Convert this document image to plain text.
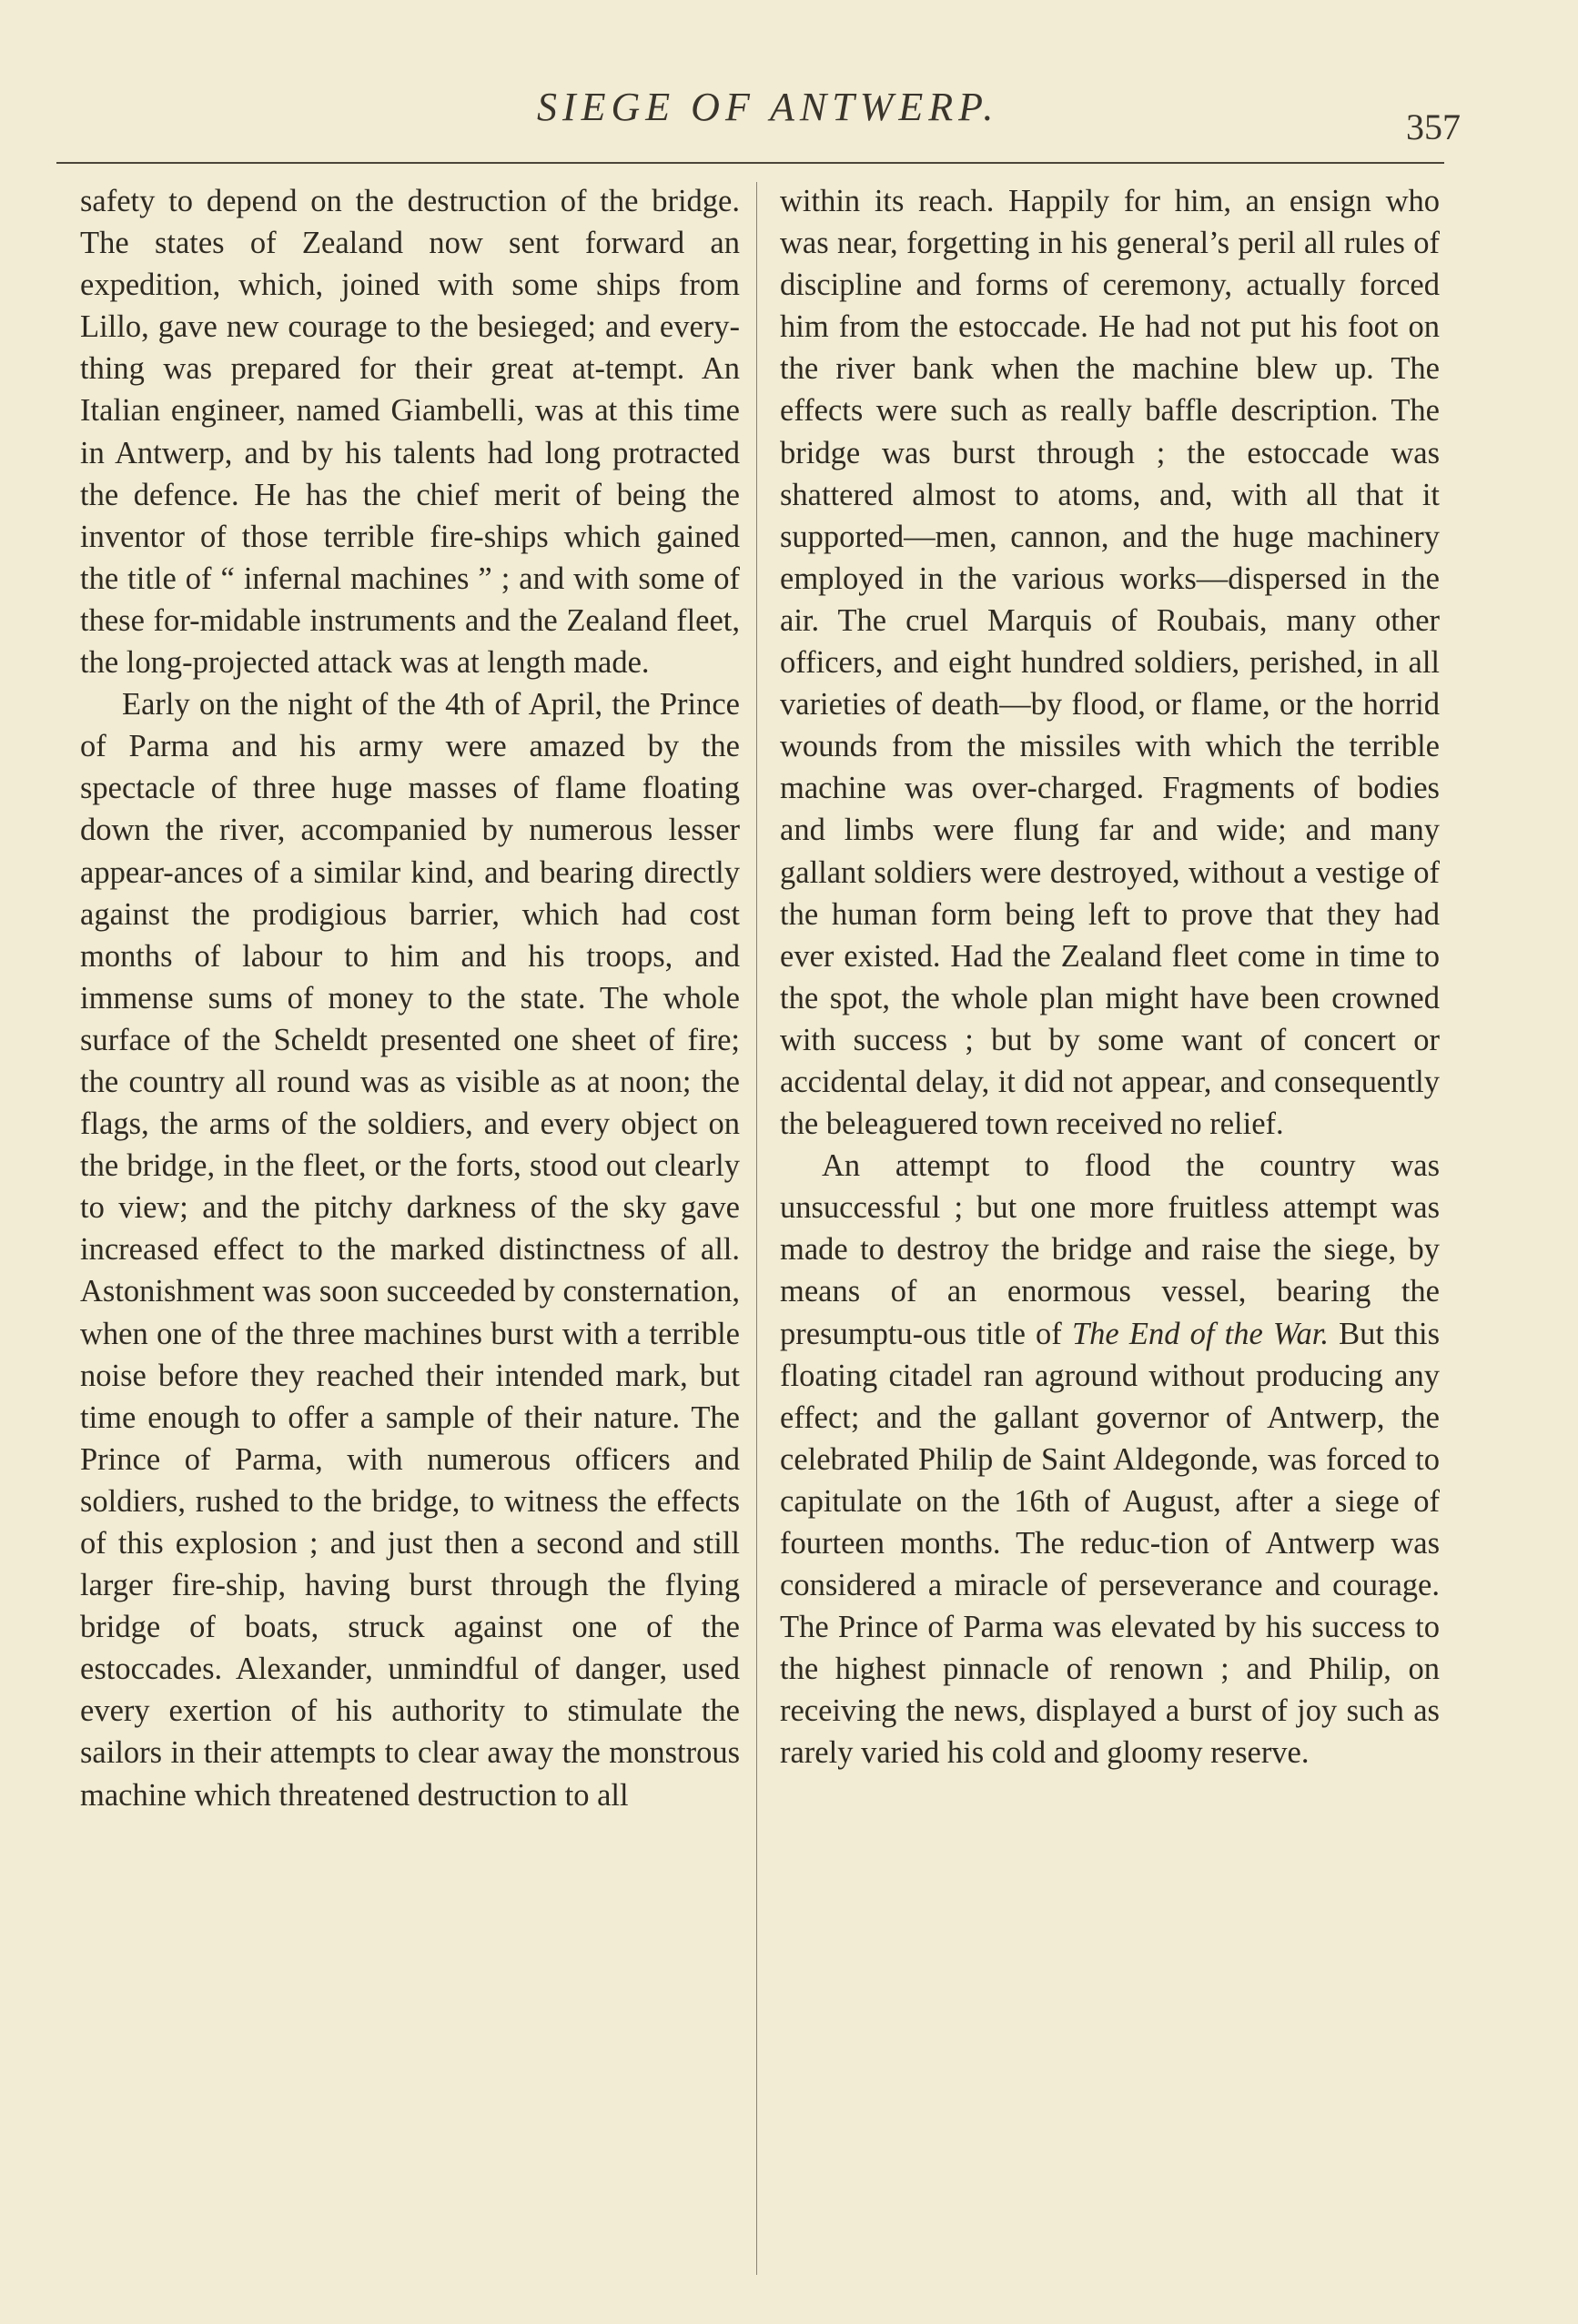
SIEGE OF ANTWERP.	357

safety to depend on the destruction of the bridge. The states of Zealand now sent forward an expedition, which, joined with some ships from Lillo, gave new courage to the besieged; and every-thing was prepared for their great at-tempt. An Italian engineer, named Giambelli, was at this time in Antwerp, and by his talents had long protracted the defence. He has the chief merit of being the inventor of those terrible fire-ships which gained the title of “ infernal machines ” ; and with some of these for-midable instruments and the Zealand fleet, the long-projected attack was at length made.

Early on the night of the 4th of April, the Prince of Parma and his army were amazed by the spectacle of three huge masses of flame floating down the river, accompanied by numerous lesser appear-ances of a similar kind, and bearing directly against the prodigious barrier, which had cost months of labour to him and his troops, and immense sums of money to the state. The whole surface of the Scheldt presented one sheet of fire; the country all round was as visible as at noon; the flags, the arms of the soldiers, and every object on the bridge, in the fleet, or the forts, stood out clearly to view; and the pitchy darkness of the sky gave increased effect to the marked distinctness of all. Astonishment was soon succeeded by consternation, when one of the three machines burst with a terrible noise before they reached their intended mark, but time enough to offer a sample of their nature. The Prince of Parma, with numerous officers and soldiers, rushed to the bridge, to witness the effects of this explosion ; and just then a second and still larger fire-ship, having burst through the flying bridge of boats, struck against one of the estoccades. Alexander, unmindful of danger, used every exertion of his authority to stimulate the sailors in their attempts to clear away the monstrous machine which threatened destruction to all

within its reach. Happily for him, an ensign who was near, forgetting in his general’s peril all rules of discipline and forms of ceremony, actually forced him from the estoccade. He had not put his foot on the river bank when the machine blew up. The effects were such as really baffle description. The bridge was burst through ; the estoccade was shattered almost to atoms, and, with all that it supported—men, cannon, and the huge machinery employed in the various works—dispersed in the air. The cruel Marquis of Roubais, many other officers, and eight hundred soldiers, perished, in all varieties of death—by flood, or flame, or the horrid wounds from the missiles with which the terrible machine was over-charged. Fragments of bodies and limbs were flung far and wide; and many gallant soldiers were destroyed, without a vestige of the human form being left to prove that they had ever existed. Had the Zealand fleet come in time to the spot, the whole plan might have been crowned with success ; but by some want of concert or accidental delay, it did not appear, and consequently the beleaguered town received no relief.

An attempt to flood the country was unsuccessful ; but one more fruitless attempt was made to destroy the bridge and raise the siege, by means of an enormous vessel, bearing the presumptu-ous title of The End of the War. But this floating citadel ran aground without producing any effect; and the gallant governor of Antwerp, the celebrated Philip de Saint Aldegonde, was forced to capitulate on the 16th of August, after a siege of fourteen months. The reduc-tion of Antwerp was considered a miracle of perseverance and courage. The Prince of Parma was elevated by his success to the highest pinnacle of renown ; and Philip, on receiving the news, displayed a burst of joy such as rarely varied his cold and gloomy reserve.
